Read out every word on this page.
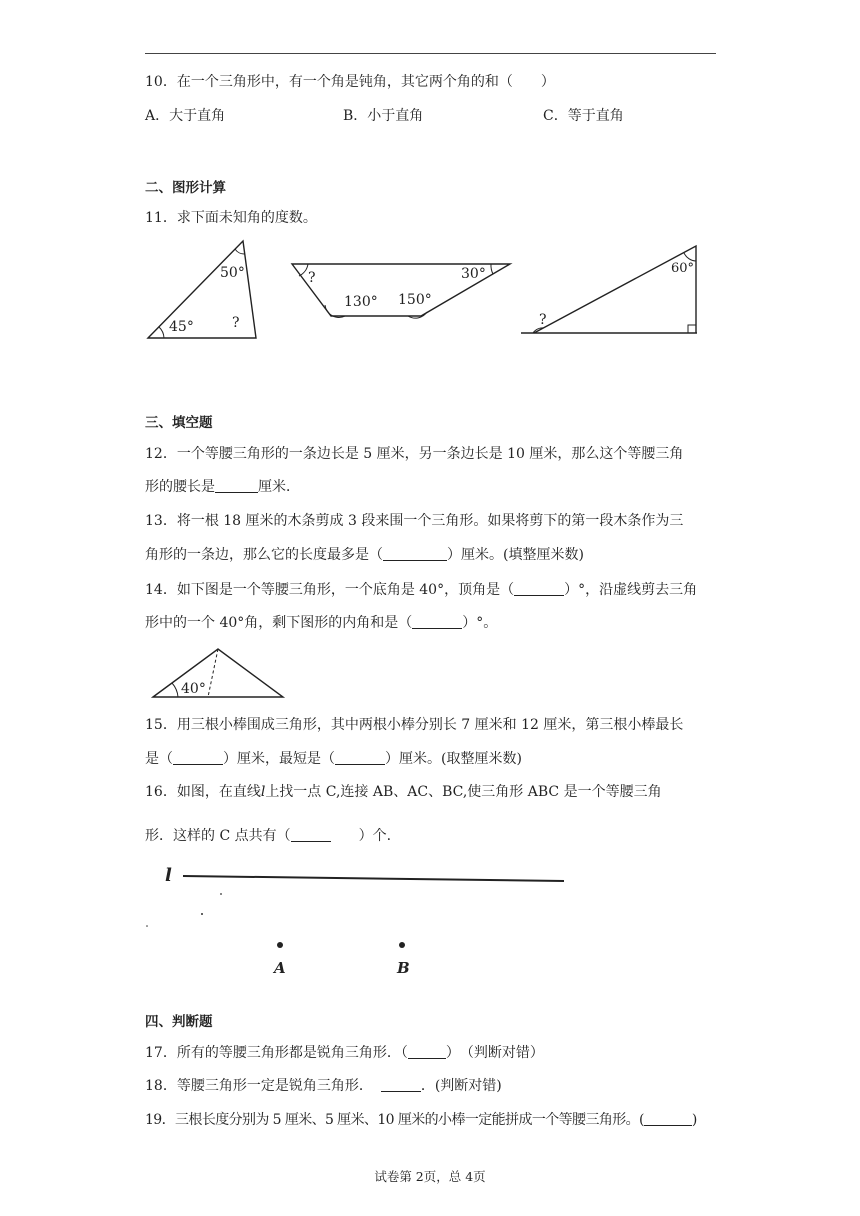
10．在一个三角形中，有一个角是钝角，其它两个角的和（　　）
A．大于直角	B．小于直角	C．等于直角
二、图形计算
11．求下面未知角的度数。
50°
45°	?
?	30°
130° 150°
60°
?
三、填空题
12．一个等腰三角形的一条边长是 5 厘米，另一条边长是 10 厘米，那么这个等腰三角
形的腰长是	厘米．
13．将一根 18 厘米的木条剪成 3 段来围一个三角形。如果将剪下的第一段木条作为三
角形的一条边，那么它的长度最多是（	）厘米。(填整厘米数)
14．如下图是一个等腰三角形，一个底角是 40°，顶角是（	）°，沿虚线剪去三角
形中的一个 40°角，剩下图形的内角和是（	）°。
40°
15．用三根小棒围成三角形，其中两根小棒分别长 7 厘米和 12 厘米，第三根小棒最长
是（	）厘米，最短是（	）厘米。(取整厘米数)
16．如图，在直线l上找一点 C,连接 AB、AC、BC,使三角形 ABC 是一个等腰三角
形．这样的 C 点共有（	）个.
l
A	B
四、判断题
17．所有的等腰三角形都是锐角三角形．（	）　（判断对错）
18．等腰三角形一定是锐角三角形．	．(判断对错)
19．三根长度分别为 5 厘米、5 厘米、10 厘米的小棒一定能拼成一个等腰三角形。(	)
试卷第 2页，总 4页
